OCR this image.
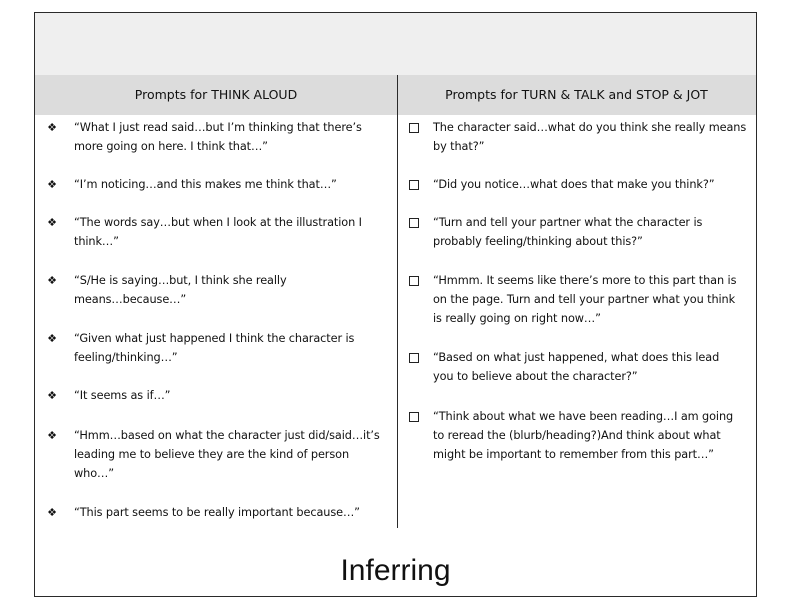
Prompts for THINK ALOUD	Prompts for TURN & TALK and STOP & JOT
❖ “What I just read said…but I’m thinking that there’s
more going on here. I think that…”
❖ “I’m noticing…and this makes me think that…”
❖ “The words say…but when I look at the illustration I
think…”
❖ “S/He is saying…but, I think she really
means…because…”
❖ “Given what just happened I think the character is
feeling/thinking…”
❖ “It seems as if…”
❖ “Hmm…based on what the character just did/said…it’s
leading me to believe they are the kind of person
who…”
❖ “This part seems to be really important because…”
The character said…what do you think she really means
by that?”
“Did you notice…what does that make you think?”
“Turn and tell your partner what the character is
probably feeling/thinking about this?”
“Hmmm. It seems like there’s more to this part than is
on the page. Turn and tell your partner what you think
is really going on right now…”
“Based on what just happened, what does this lead
you to believe about the character?”
“Think about what we have been reading…I am going
to reread the (blurb/heading?)And think about what
might be important to remember from this part…”
Inferring
